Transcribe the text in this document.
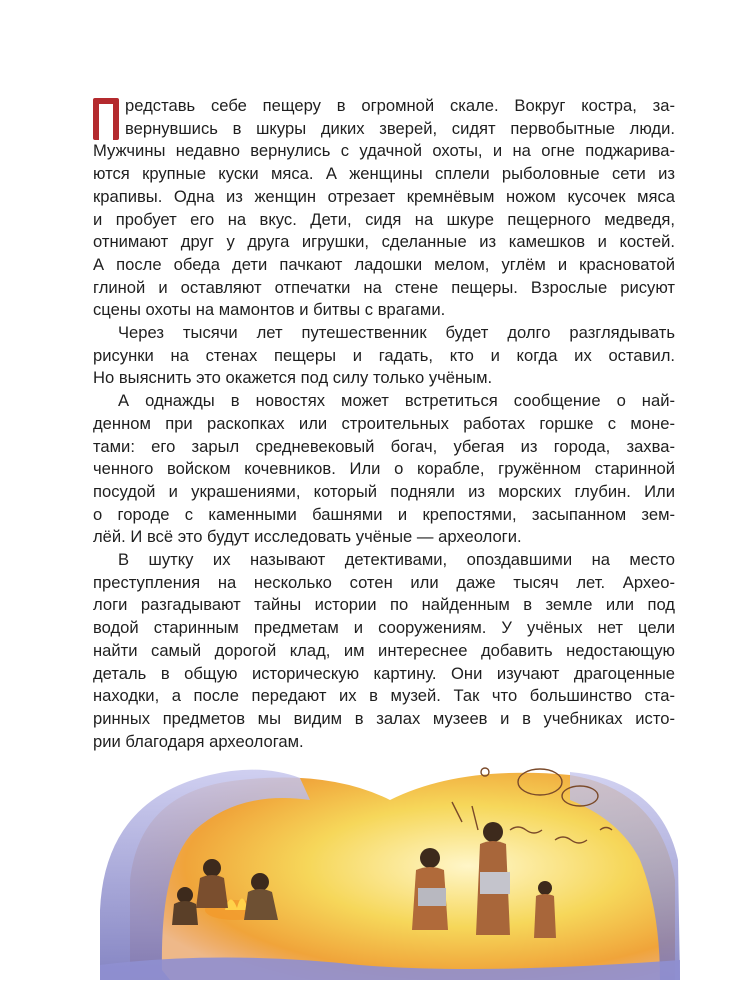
редставь себе пещеру в огромной скале. Вокруг костра, за-
вернувшись в шкуры диких зверей, сидят первобытные люди.
Мужчины недавно вернулись с удачной охоты, и на огне поджарива-
ются крупные куски мяса. А женщины сплели рыболовные сети из
крапивы. Одна из женщин отрезает кремнёвым ножом кусочек мяса
и пробует его на вкус. Дети, сидя на шкуре пещерного медведя,
отнимают друг у друга игрушки, сделанные из камешков и костей.
А после обеда дети пачкают ладошки мелом, углём и красноватой
глиной и оставляют отпечатки на стене пещеры. Взрослые рисуют
сцены охоты на мамонтов и битвы с врагами.
Через тысячи лет путешественник будет долго разглядывать
рисунки на стенах пещеры и гадать, кто и когда их оставил.
Но выяснить это окажется под силу только учёным.
А однажды в новостях может встретиться сообщение о най-
денном при раскопках или строительных работах горшке с моне-
тами: его зарыл средневековый богач, убегая из города, захва-
ченного войском кочевников. Или о корабле, гружённом старинной
посудой и украшениями, который подняли из морских глубин. Или
о городе с каменными башнями и крепостями, засыпанном зем-
лёй. И всё это будут исследовать учёные — археологи.
В шутку их называют детективами, опоздавшими на место
преступления на несколько сотен или даже тысяч лет. Архео-
логи разгадывают тайны истории по найденным в земле или под
водой старинным предметам и сооружениям. У учёных нет цели
найти самый дорогой клад, им интереснее добавить недостающую
деталь в общую историческую картину. Они изучают драгоценные
находки, а после передают их в музей. Так что большинство ста-
ринных предметов мы видим в залах музеев и в учебниках исто-
рии благодаря археологам.
